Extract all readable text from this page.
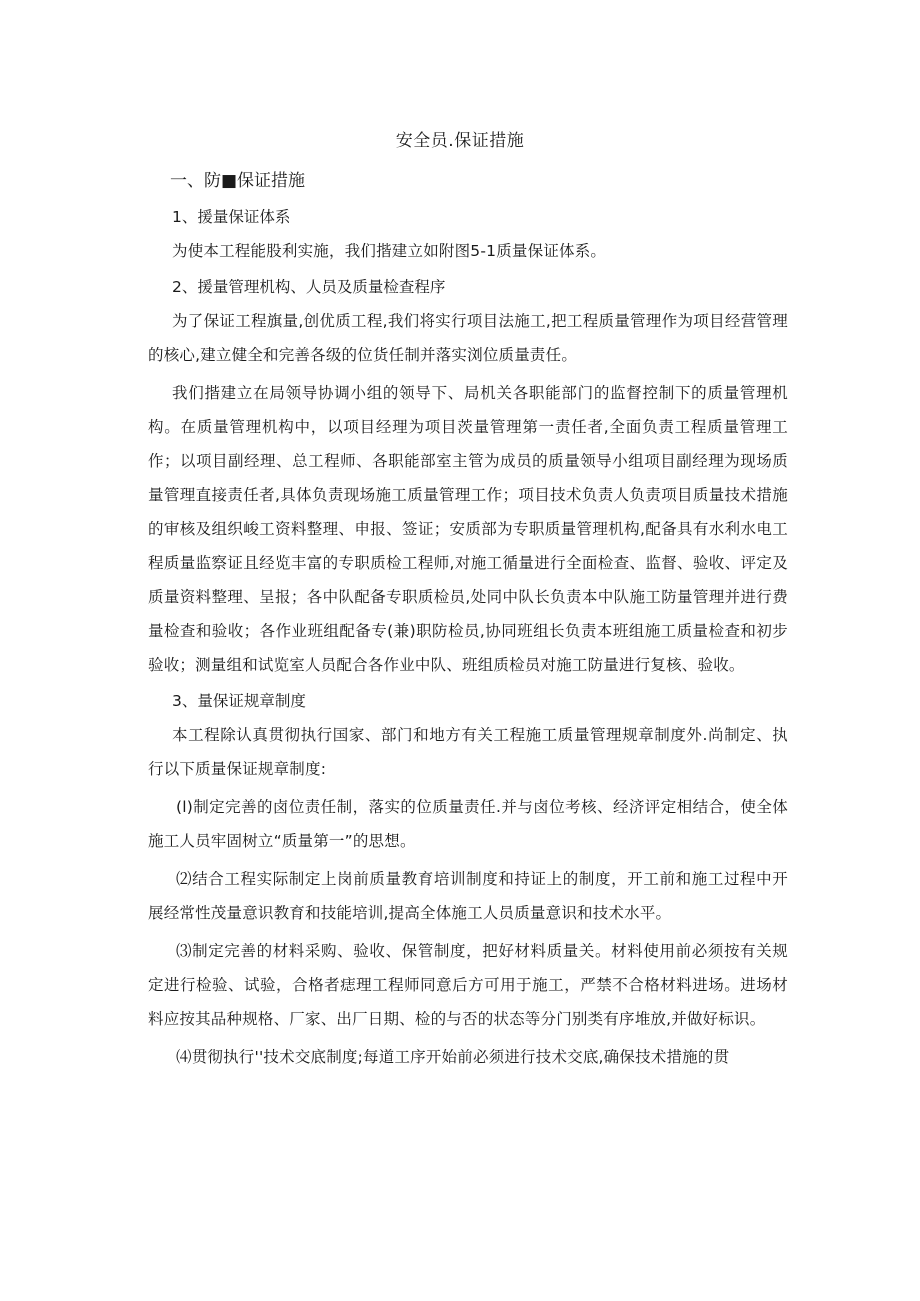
安全员.保证措施
一、防■保证措施
1、援量保证体系

为使本工程能股利实施，我们揩建立如附图5-1质量保证体系。

2、援量管理机构、人员及质量检查程序

为了保证工程旗量,创优质工程,我们将实行项目法施工,把工程质量管理作为项目经营管理的核心,建立健全和完善各级的位货任制并落实浏位质量责任。

我们揩建立在局领导协调小组的领导下、局机关各职能部门的监督控制下的质量管理机构。在质量管理机构中，以项目经理为项目茨量管理第一责任者,全面负责工程质量管理工作；以项目副经理、总工程师、各职能部室主管为成员的质量领导小组项目副经理为现场质量管理直接责任者,具体负责现场施工质量管理工作；项目技术负责人负责项目质量技术措施的审核及组织峻工资料整理、申报、签证；安质部为专职质量管理机构,配备具有水利水电工程质量监察证且经览丰富的专职质检工程师,对施工循量进行全面检查、监督、验收、评定及质量资料整理、呈报；各中队配备专职质检员,处同中队长负责本中队施工防量管理并进行费量检查和验收；各作业班组配备专(兼)职防检员,协同班组长负责本班组施工质量检查和初步验收；测量组和试览室人员配合各作业中队、班组质检员对施工防量进行复核、验收。

3、量保证规章制度

本工程除认真贯彻执行国家、部门和地方有关工程施工质量管理规章制度外.尚制定、执行以下质量保证规章制度:

(l)制定完善的卤位责任制，落实的位质量责任.并与卤位考核、经济评定相结合，使全体施工人员牢固树立“质量第一”的思想。

⑵结合工程实际制定上岗前质量教育培训制度和持证上的制度，开工前和施工过程中开展经常性茂量意识教育和技能培训,提高全体施工人员质量意识和技术水平。

⑶制定完善的材料采购、验收、保管制度，把好材料质量关。材料使用前必须按有关规定进行检验、试验，合格者痣理工程师同意后方可用于施工，严禁不合格材料进场。进场材料应按其品种规格、厂家、出厂日期、检的与否的状态等分门别类有序堆放,并做好标识。

⑷贯彻执行''技术交底制度;每道工序开始前必须进行技术交底,确保技术措施的贯
